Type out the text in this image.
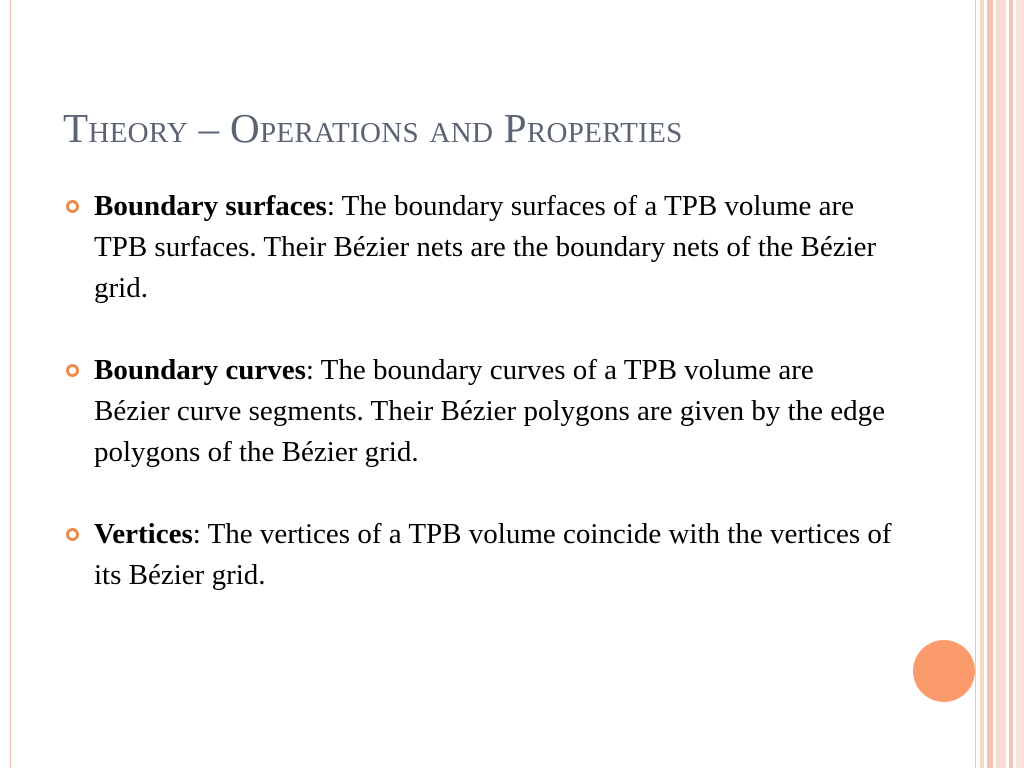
Theory – Operations and Properties
Boundary surfaces: The boundary surfaces of a TPB volume are TPB surfaces. Their Bézier nets are the boundary nets of the Bézier grid.
Boundary curves: The boundary curves of a TPB volume are Bézier curve segments. Their Bézier polygons are given by the edge polygons of the Bézier grid.
Vertices: The vertices of a TPB volume coincide with the vertices of its Bézier grid.
